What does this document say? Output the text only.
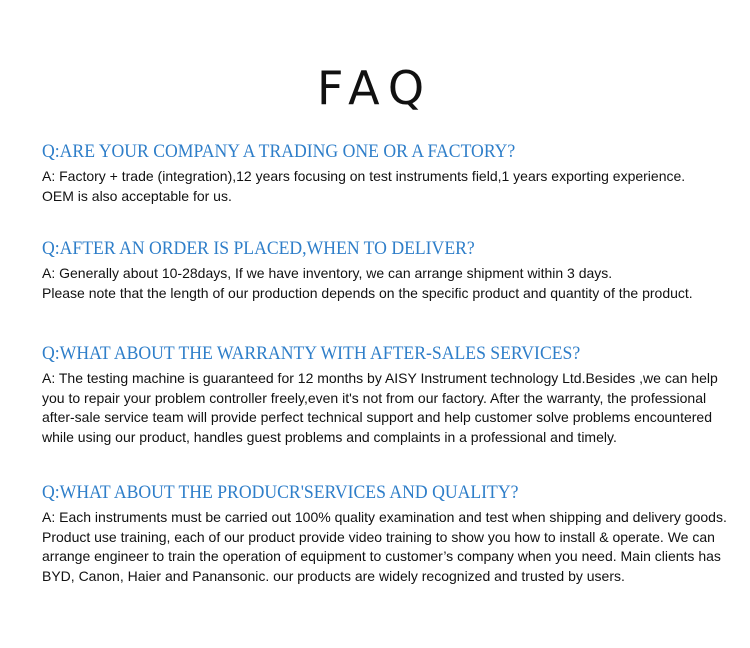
FAQ
Q:ARE YOUR COMPANY A TRADING ONE OR A FACTORY?
A: Factory + trade (integration),12 years focusing on test instruments field,1 years exporting experience.
OEM is also acceptable for us.
Q:AFTER AN ORDER IS PLACED,WHEN TO DELIVER?
A: Generally about 10-28days, If we have inventory, we can arrange shipment within 3 days.
Please note that the length of our production depends on the specific product and quantity of the product.
Q:WHAT ABOUT THE WARRANTY WITH AFTER-SALES SERVICES?
A: The testing machine is guaranteed for 12 months by AISY Instrument technology Ltd.Besides ,we can help
you to repair your problem controller freely,even it's not from our factory. After the warranty, the professional
after-sale service team will provide perfect technical support and help customer solve problems encountered
while using our product, handles guest problems and complaints in a professional and timely.
Q:WHAT ABOUT THE PRODUCR'SERVICES AND QUALITY?
A: Each instruments must be carried out 100% quality examination and test when shipping and delivery goods.
Product use training, each of our product provide video training to show you how to install & operate. We can
arrange engineer to train the operation of equipment to customer’s company when you need. Main clients has
BYD, Canon, Haier and Panansonic. our products are widely recognized and trusted by users.
